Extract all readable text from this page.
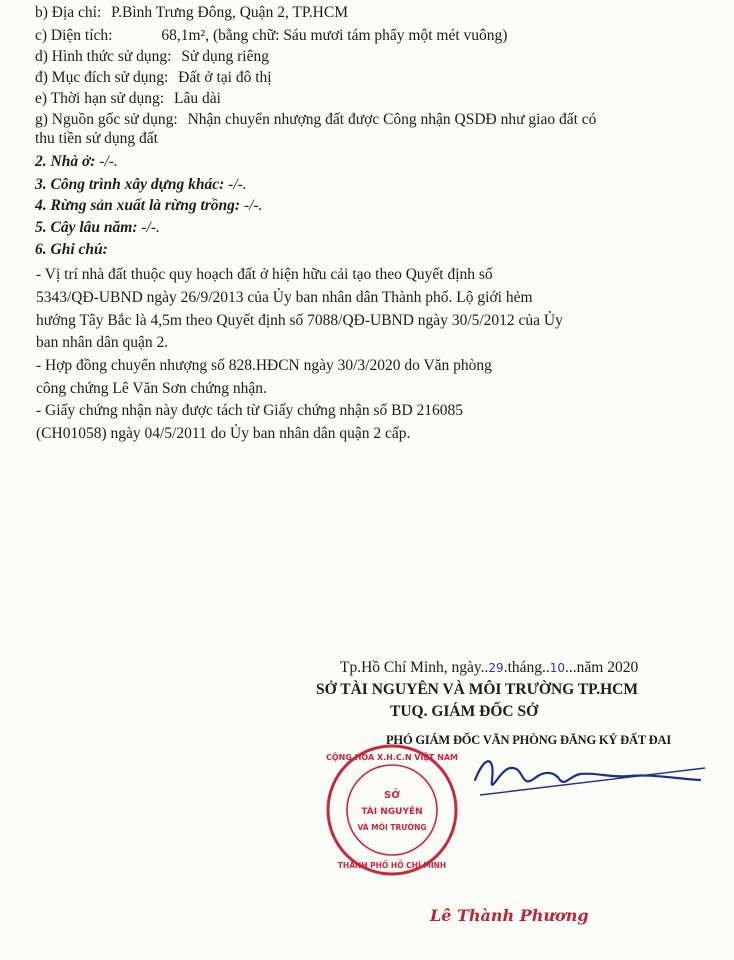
b) Địa chỉ: P.Bình Trưng Đông, Quận 2, TP.HCM
c) Diện tích:	68,1m², (bằng chữ: Sáu mươi tám phẩy một mét vuông)
d) Hình thức sử dụng: Sử dụng riêng
đ) Mục đích sử dụng: Đất ở tại đô thị
e) Thời hạn sử dụng: Lâu dài
g) Nguồn gốc sử dụng: Nhận chuyển nhượng đất được Công nhận QSDĐ như giao đất có
thu tiền sử dụng đất
2. Nhà ở: -/-.
3. Công trình xây dựng khác: -/-.
4. Rừng sản xuất là rừng trồng: -/-.
5. Cây lâu năm: -/-.
6. Ghi chú:
- Vị trí nhà đất thuộc quy hoạch đất ở hiện hữu cải tạo theo Quyết định số
5343/QĐ-UBND ngày 26/9/2013 của Ủy ban nhân dân Thành phố. Lộ giới hẻm
hướng Tây Bắc là 4,5m theo Quyết định số 7088/QĐ-UBND ngày 30/5/2012 của Ủy
ban nhân dân quận 2.
- Hợp đồng chuyển nhượng số 828.HĐCN ngày 30/3/2020 do Văn phòng
công chứng Lê Văn Sơn chứng nhận.
- Giấy chứng nhận này được tách từ Giấy chứng nhận số BD 216085
(CH01058) ngày 04/5/2011 do Ủy ban nhân dân quận 2 cấp.
Tp.Hồ Chí Minh, ngày..29.tháng..10...năm 2020
SỞ TÀI NGUYÊN VÀ MÔI TRƯỜNG TP.HCM
TUQ. GIÁM ĐỐC SỞ
PHÓ GIÁM ĐỐC VĂN PHÒNG ĐĂNG KÝ ĐẤT ĐAI
CỘNG HÒA X.H.C.N VIỆT NAM
THÀNH PHỐ HỒ CHÍ MINH
SỞ
TÀI NGUYÊN
VÀ MÔI TRƯỜNG
Lê Thành Phương
